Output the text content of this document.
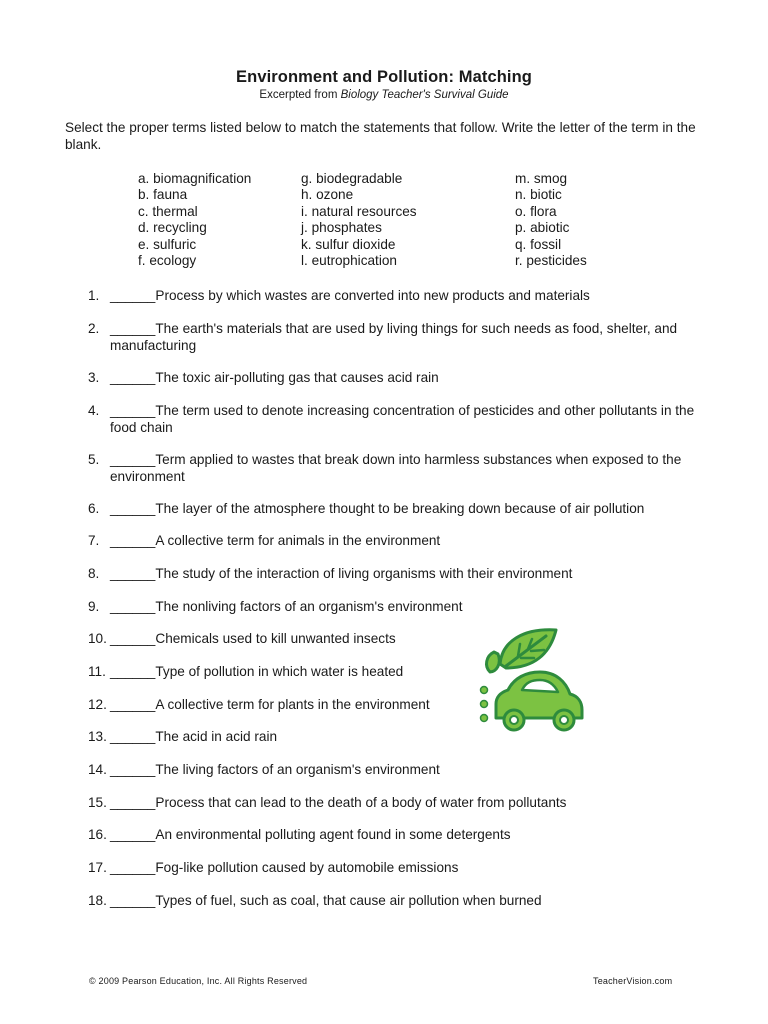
Environment and Pollution: Matching
Excerpted from Biology Teacher's Survival Guide
Select the proper terms listed below to match the statements that follow. Write the letter of the term in the blank.
a. biomagnification
b. fauna
c. thermal
d. recycling
e. sulfuric
f. ecology
g. biodegradable
h. ozone
i. natural resources
j. phosphates
k. sulfur dioxide
l. eutrophication
m. smog
n. biotic
o. flora
p. abiotic
q. fossil
r. pesticides
1. ______Process by which wastes are converted into new products and materials
2. ______The earth's materials that are used by living things for such needs as food, shelter, and manufacturing
3. ______The toxic air-polluting gas that causes acid rain
4. ______The term used to denote increasing concentration of pesticides and other pollutants in the food chain
5. ______Term applied to wastes that break down into harmless substances when exposed to the environment
6. ______The layer of the atmosphere thought to be breaking down because of air pollution
7. ______A collective term for animals in the environment
8. ______The study of the interaction of living organisms with their environment
9. ______The nonliving factors of an organism's environment
10. ______Chemicals used to kill unwanted insects
11. ______Type of pollution in which water is heated
12. ______A collective term for plants in the environment
13. ______The acid in acid rain
14. ______The living factors of an organism's environment
15. ______Process that can lead to the death of a body of water from pollutants
16. ______An environmental polluting agent found in some detergents
17. ______Fog-like pollution caused by automobile emissions
18. ______Types of fuel, such as coal, that cause air pollution when burned
© 2009 Pearson Education, Inc. All Rights Reserved	TeacherVision.com
